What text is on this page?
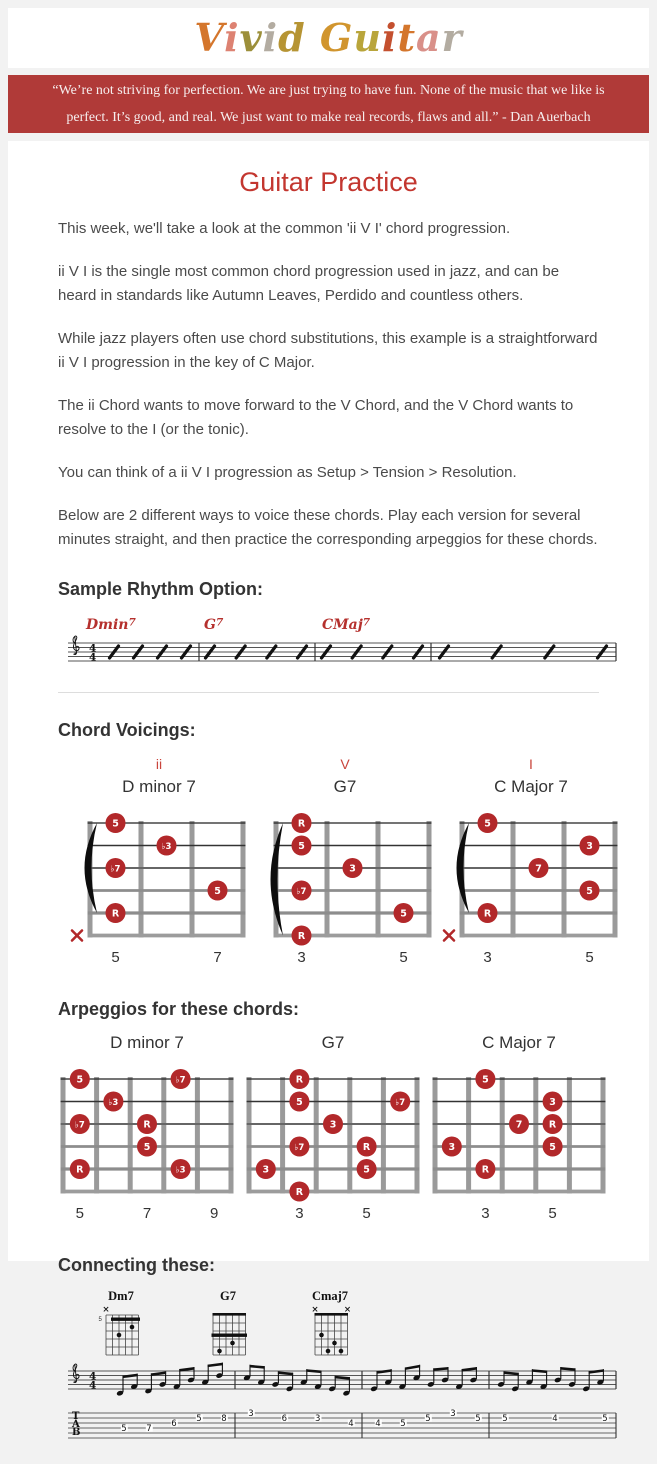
Vivid Guitar

“We’re not striving for perfection. We are just trying to have fun. None of the music that we like is perfect. It’s good, and real. We just want to make real records, flaws and all.” - Dan Auerbach

Guitar Practice

This week, we'll take a look at the common 'ii V I' chord progression.

ii V I is the single most common chord progression used in jazz, and can be heard in standards like Autumn Leaves, Perdido and countless others.

While jazz players often use chord substitutions, this example is a straightforward ii V I progression in the key of C Major.

The ii Chord wants to move forward to the V Chord, and the V Chord wants to resolve to the I (or the tonic).

You can think of a ii V I progression as Setup > Tension > Resolution.

Below are 2 different ways to voice these chords. Play each version for several minutes straight, and then practice the corresponding arpeggios for these chords.

Sample Rhythm Option:
4
4
Dmin$^7$	$G^7$	CMaj$^7$
Chord Voicings:
ii
D minor 7
5
♭3
♭7
5
R
5	7
V
G7
R
5
3
♭7
5
R
3	5
I
C Major 7
5
3
7
5
R
3	5
Arpeggios for these chords:
D minor 7
5	♭7
♭3
♭7	R
5
R	♭3
5	7	9
G7
R
5	♭7
3
♭7	R
3	5
R
3	5
C Major 7
5
3
7	R
3	5
R
3	5
Connecting these:
Dm7
5
G7	Cmaj7
4
4
T
A
B	5 7 6 5 8	3	6	3	4	4 5 5 3 5	5	4	5
